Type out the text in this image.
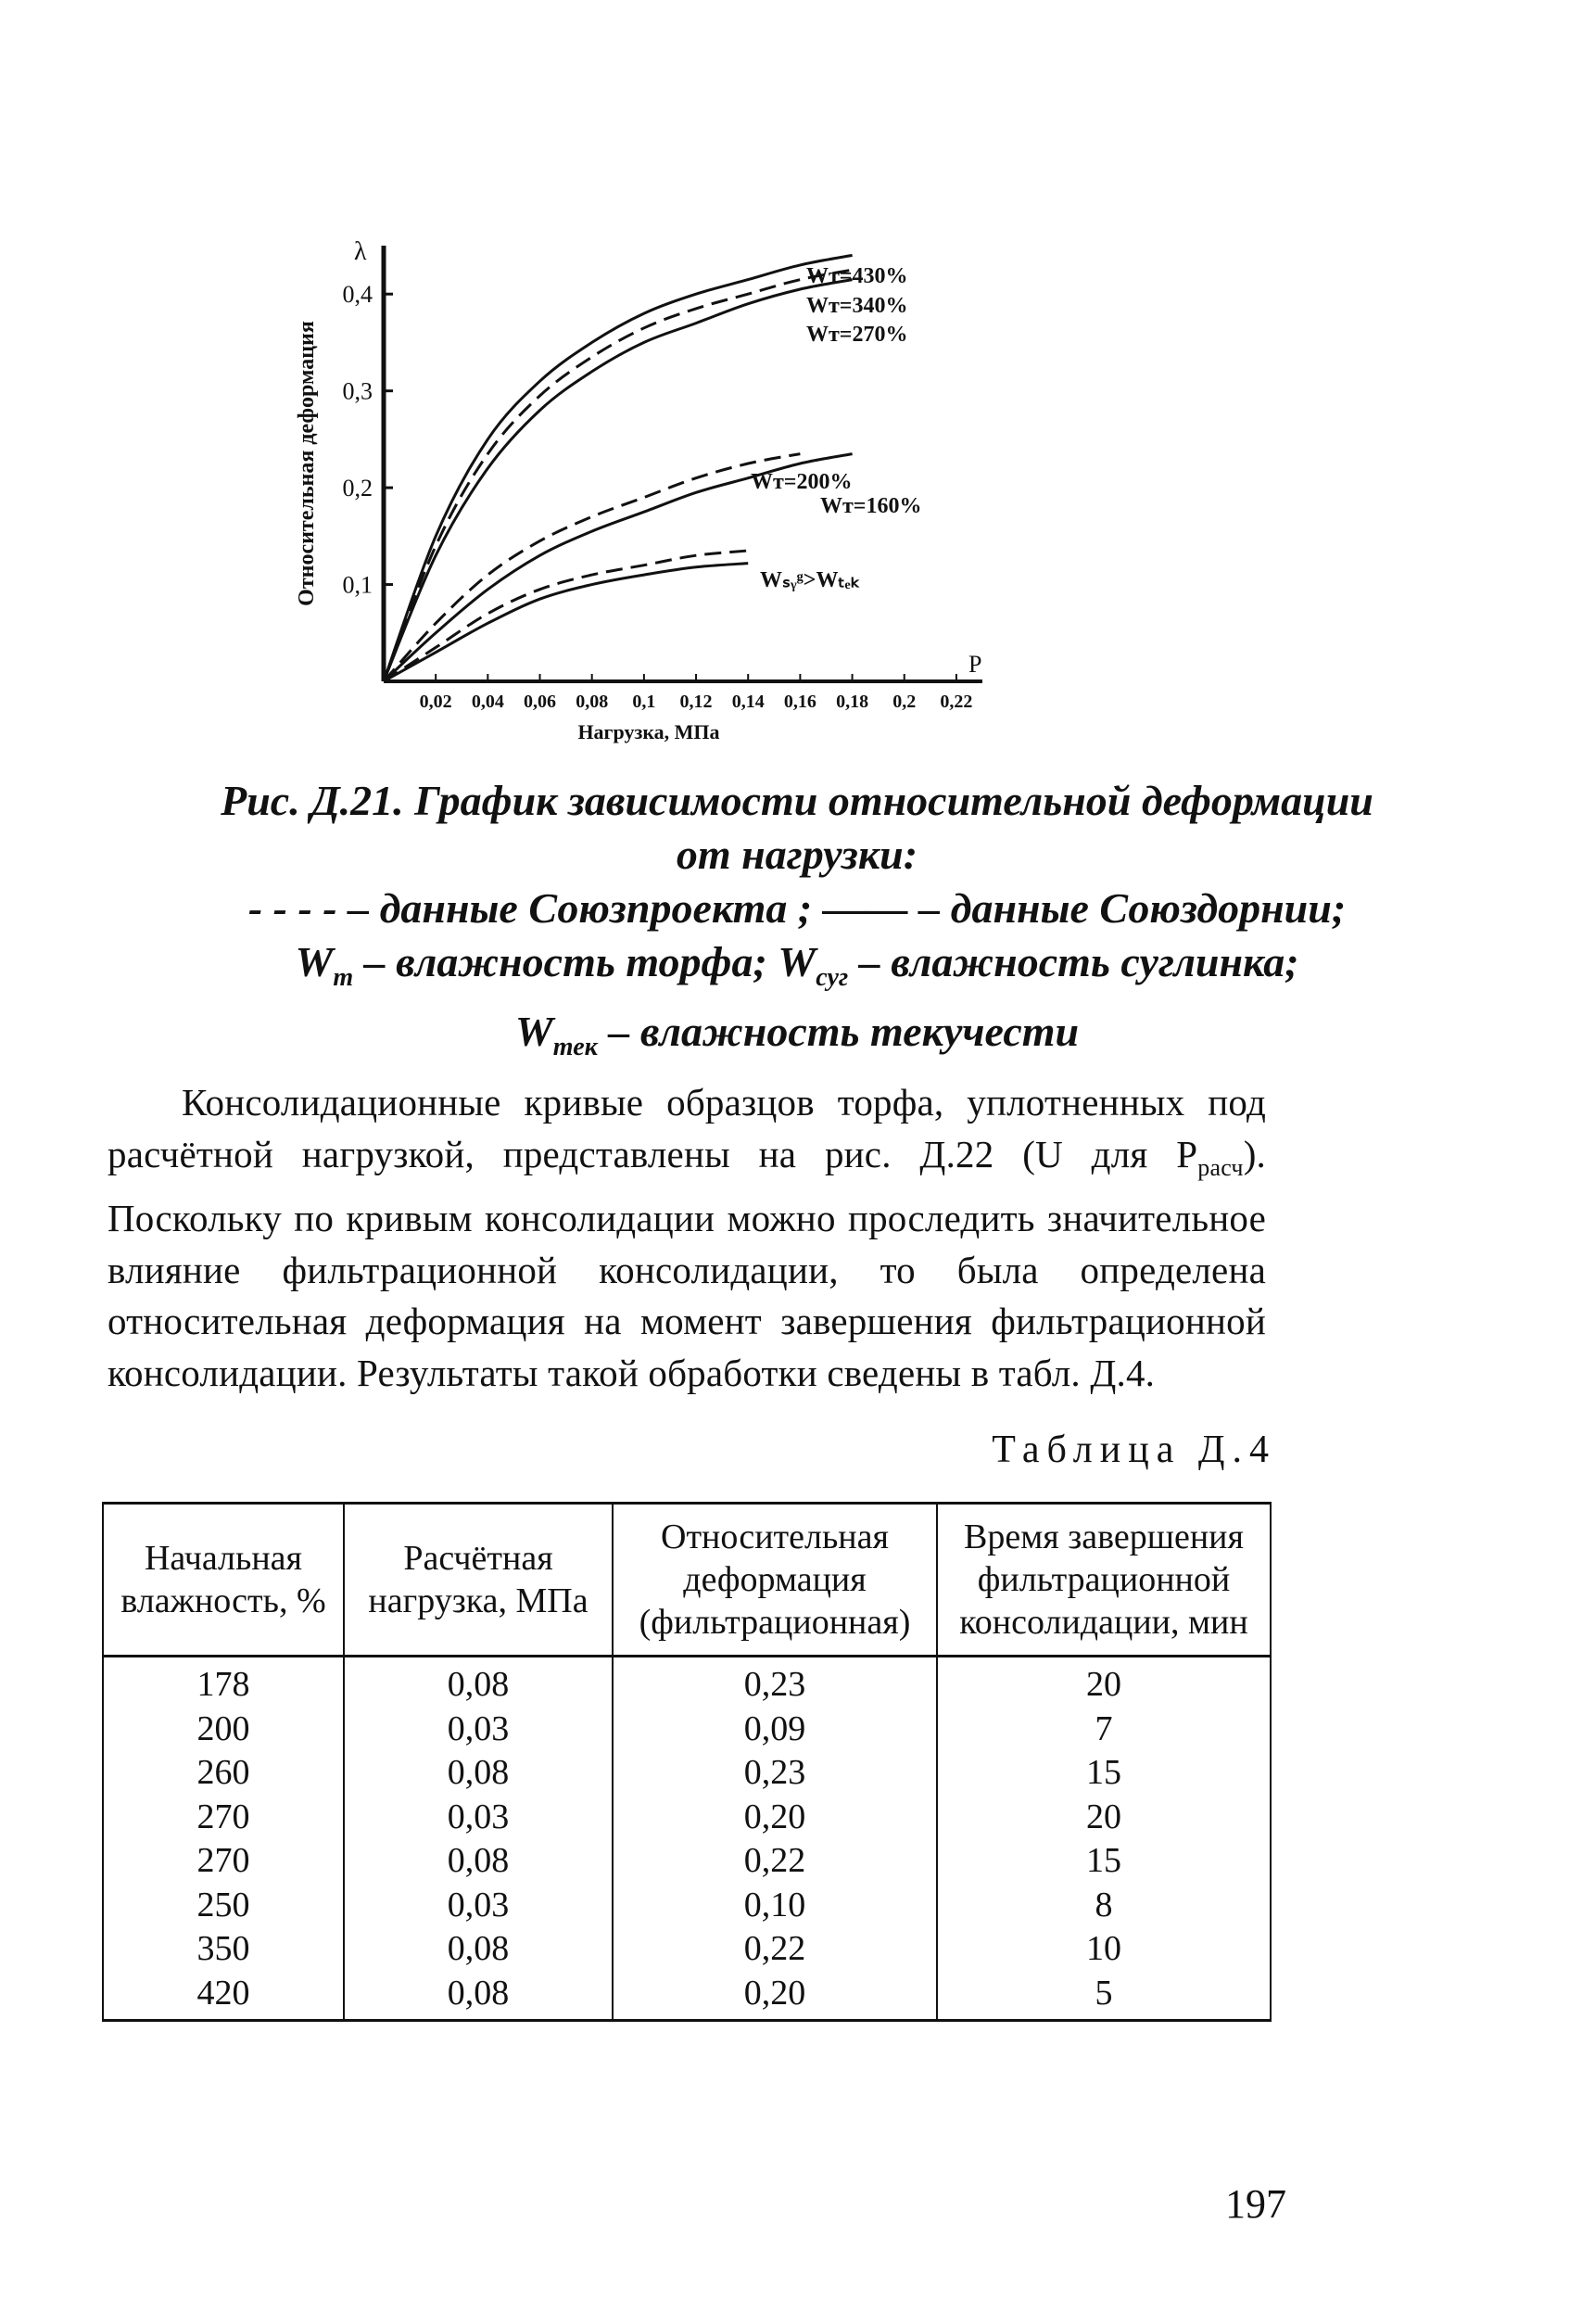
λ
P
Относительная деформация
Нагрузка, МПа
0,1
0,2
0,3
0,4
0,02 0,04 0,06 0,08 0,1 0,12 0,14 0,16 0,18 0,2 0,22
Wᴛ=430%
Wᴛ=340%
Wᴛ=270%
Wᴛ=200%
Wᴛ=160%
Wₛᵧᵍ>Wₜₑₖ
Рис. Д.21. График зависимости относительной деформации
от нагрузки:
- - - - – данные Союзпроекта ; —— – данные Союздорнии;
$W_т$ – влажность торфа; $W_{суг}$ – влажность суглинка;
$W_{тек}$ – влажность текучести
Консолидационные кривые образцов торфа, уплотненных под расчётной нагрузкой, представлены на рис. Д.22 (U для $P_{расч}$). Поскольку по кривым консолидации можно проследить значительное влияние фильтрационной консолидации, то была определена относительная деформация на момент завершения фильтрационной консолидации. Результаты такой обработки сведены в табл. Д.4.
Таблица Д.4
Начальная влажность, %	Расчётная нагрузка, МПа	Относительная деформация (фильтрационная)	Время завершения фильтрационной консолидации, мин
178	0,08	0,23	20
200	0,03	0,09	7
260	0,08	0,23	15
270	0,03	0,20	20
270	0,08	0,22	15
250	0,03	0,10	8
350	0,08	0,22	10
420	0,08	0,20	5
197
